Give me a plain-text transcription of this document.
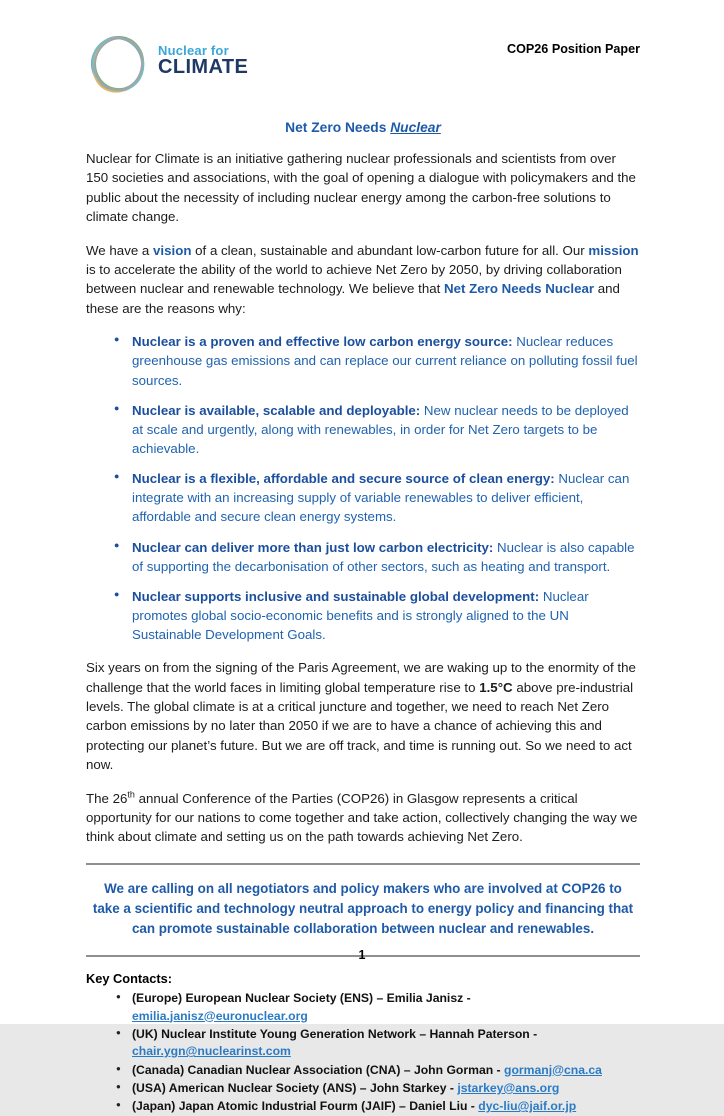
Nuclear for
CLIMATE
COP26 Position Paper
Net Zero Needs Nuclear

Nuclear for Climate is an initiative gathering nuclear professionals and scientists from over 150 societies and associations, with the goal of opening a dialogue with policymakers and the public about the necessity of including nuclear energy among the carbon-free solutions to climate change.

We have a vision of a clean, sustainable and abundant low-carbon future for all. Our mission is to accelerate the ability of the world to achieve Net Zero by 2050, by driving collaboration between nuclear and renewable technology. We believe that Net Zero Needs Nuclear and these are the reasons why:

● Nuclear is a proven and effective low carbon energy source: Nuclear reduces greenhouse gas emissions and can replace our current reliance on polluting fossil fuel sources.
● Nuclear is available, scalable and deployable: New nuclear needs to be deployed at scale and urgently, along with renewables, in order for Net Zero targets to be achievable.
● Nuclear is a flexible, affordable and secure source of clean energy: Nuclear can integrate with an increasing supply of variable renewables to deliver efficient, affordable and secure clean energy systems.
● Nuclear can deliver more than just low carbon electricity: Nuclear is also capable of supporting the decarbonisation of other sectors, such as heating and transport.
● Nuclear supports inclusive and sustainable global development: Nuclear promotes global socio-economic benefits and is strongly aligned to the UN Sustainable Development Goals.

Six years on from the signing of the Paris Agreement, we are waking up to the enormity of the challenge that the world faces in limiting global temperature rise to 1.5°C above pre-industrial levels. The global climate is at a critical juncture and together, we need to reach Net Zero carbon emissions by no later than 2050 if we are to have a chance of achieving this and protecting our planet’s future. But we are off track, and time is running out. So we need to act now.

The 26th annual Conference of the Parties (COP26) in Glasgow represents a critical opportunity for our nations to come together and take action, collectively changing the way we think about climate and setting us on the path towards achieving Net Zero.

We are calling on all negotiators and policy makers who are involved at COP26 to take a scientific and technology neutral approach to energy policy and financing that can promote sustainable collaboration between nuclear and renewables.
Key Contacts:
● (Europe) European Nuclear Society (ENS) – Emilia Janisz - emilia.janisz@euronuclear.org
● (UK) Nuclear Institute Young Generation Network – Hannah Paterson - chair.ygn@nuclearinst.com
● (Canada) Canadian Nuclear Association (CNA) – John Gorman - gormanj@cna.ca
● (USA) American Nuclear Society (ANS) – John Starkey - jstarkey@ans.org
● (Japan) Japan Atomic Industrial Fourm (JAIF) – Daniel Liu - dyc-liu@jaif.or.jp
1
